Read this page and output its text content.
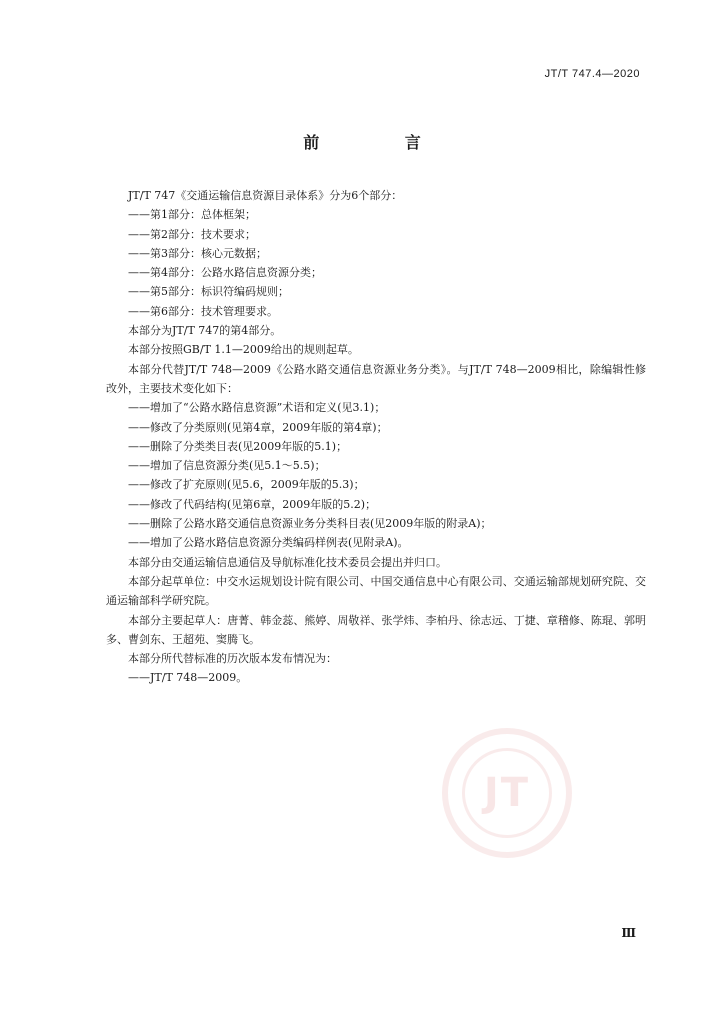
JT/T 747.4—2020
前 言
JT/T 747《交通运输信息资源目录体系》分为6个部分：
——第1部分：总体框架；
——第2部分：技术要求；
——第3部分：核心元数据；
——第4部分：公路水路信息资源分类；
——第5部分：标识符编码规则；
——第6部分：技术管理要求。
本部分为JT/T 747的第4部分。
本部分按照GB/T 1.1—2009给出的规则起草。
本部分代替JT/T 748—2009《公路水路交通信息资源业务分类》。与JT/T 748—2009相比，除编辑性修改外，主要技术变化如下：
——增加了“公路水路信息资源”术语和定义(见3.1)；
——修改了分类原则(见第4章，2009年版的第4章)；
——删除了分类类目表(见2009年版的5.1)；
——增加了信息资源分类(见5.1～5.5)；
——修改了扩充原则(见5.6，2009年版的5.3)；
——修改了代码结构(见第6章，2009年版的5.2)；
——删除了公路水路交通信息资源业务分类科目表(见2009年版的附录A)；
——增加了公路水路信息资源分类编码样例表(见附录A)。
本部分由交通运输信息通信及导航标准化技术委员会提出并归口。
本部分起草单位：中交水运规划设计院有限公司、中国交通信息中心有限公司、交通运输部规划研究院、交通运输部科学研究院。
本部分主要起草人：唐菁、韩金蕊、熊婷、周敬祥、张学炜、李柏丹、徐志远、丁捷、章稽修、陈琨、郭明多、曹剑东、王超苑、窦腾飞。
本部分所代替标准的历次版本发布情况为：
——JT/T 748—2009。
JT
Ⅲ
